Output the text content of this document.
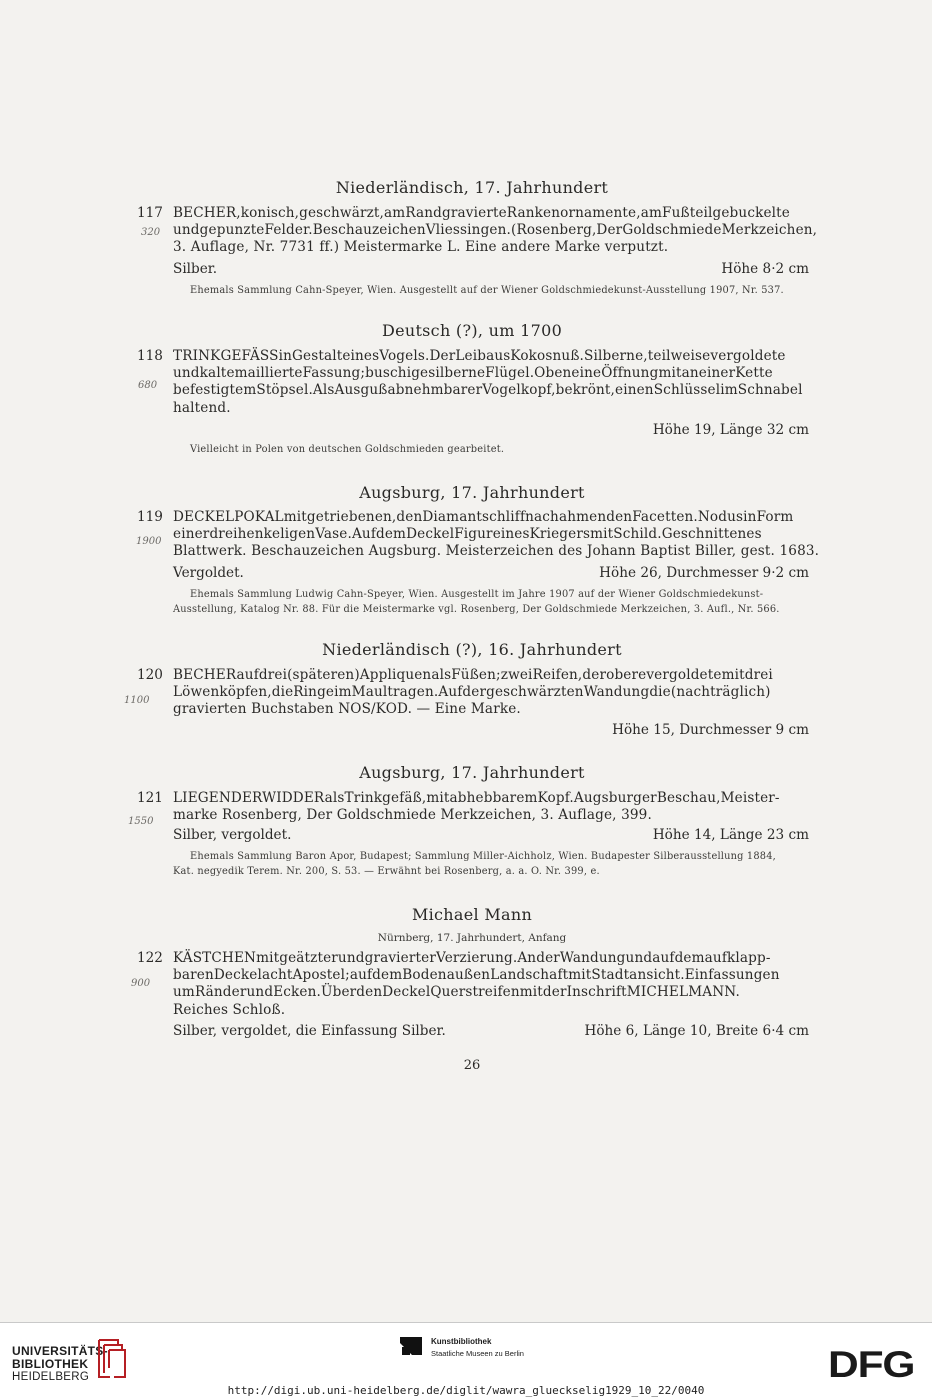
Niederländisch, 17. Jahrhundert
117
320
BECHER,konisch,geschwärzt,amRandgravierteRankenornamente,amFußteilgebuckelte
undgepunzteFelder.BeschauzeichenVliessingen.(Rosenberg,DerGoldschmiedeMerkzeichen,
3. Auflage, Nr. 7731 ff.) Meistermarke L. Eine andere Marke verputzt.
Silber.	Höhe 8·2 cm
Ehemals Sammlung Cahn-Speyer, Wien. Ausgestellt auf der Wiener Goldschmiedekunst-Ausstellung 1907, Nr. 537.
Deutsch (?), um 1700
118
680
TRINKGEFÄSSinGestalteinesVogels.DerLeibausKokosnuß.Silberne,teilweisevergoldete
undkaltemaillierteFassung;buschigesilberneFlügel.ObeneineÖffnungmitaneinerKette
befestigtemStöpsel.AlsAusgußabnehmbarerVogelkopf,bekrönt,einenSchlüsselimSchnabel
haltend.
Höhe 19, Länge 32 cm
Vielleicht in Polen von deutschen Goldschmieden gearbeitet.
Augsburg, 17. Jahrhundert
119
1900
DECKELPOKALmitgetriebenen,denDiamantschliffnachahmendenFacetten.NodusinForm
einerdreihenkeligenVase.AufdemDeckelFigureinesKriegersmitSchild.Geschnittenes
Blattwerk. Beschauzeichen Augsburg. Meisterzeichen des Johann Baptist Biller, gest. 1683.
Vergoldet.	Höhe 26, Durchmesser 9·2 cm
Ehemals Sammlung Ludwig Cahn-Speyer, Wien. Ausgestellt im Jahre 1907 auf der Wiener Goldschmiedekunst-
Ausstellung, Katalog Nr. 88. Für die Meistermarke vgl. Rosenberg, Der Goldschmiede Merkzeichen, 3. Aufl., Nr. 566.
Niederländisch (?), 16. Jahrhundert
120
1100
BECHERaufdrei(späteren)AppliquenalsFüßen;zweiReifen,deroberevergoldetemitdrei
Löwenköpfen,dieRingeimMaultragen.AufdergeschwärztenWandungdie(nachträglich)
gravierten Buchstaben NOS/KOD. — Eine Marke.
Höhe 15, Durchmesser 9 cm
Augsburg, 17. Jahrhundert
121
1550
LIEGENDERWIDDERalsTrinkgefäß,mitabhebbaremKopf.AugsburgerBeschau,Meister-
marke Rosenberg, Der Goldschmiede Merkzeichen, 3. Auflage, 399.
Silber, vergoldet.	Höhe 14, Länge 23 cm
Ehemals Sammlung Baron Apor, Budapest; Sammlung Miller-Aichholz, Wien. Budapester Silberausstellung 1884,
Kat. negyedik Terem. Nr. 200, S. 53. — Erwähnt bei Rosenberg, a. a. O. Nr. 399, e.
Michael Mann
Nürnberg, 17. Jahrhundert, Anfang
122
900
KÄSTCHENmitgeätzterundgravierterVerzierung.AnderWandungundaufdemaufklapp-
barenDeckelachtApostel;aufdemBodenaußenLandschaftmitStadtansicht.Einfassungen
umRänderundEcken.ÜberdenDeckelQuerstreifenmitderInschriftMICHELMANN.
Reiches Schloß.
Silber, vergoldet, die Einfassung Silber.	Höhe 6, Länge 10, Breite 6·4 cm
26
UNIVERSITÄTS-
BIBLIOTHEK
HEIDELBERG
Kunstbibliothek
Staatliche Museen zu Berlin	DFG
http://digi.ub.uni-heidelberg.de/diglit/wawra_glueckselig1929_10_22/0040
